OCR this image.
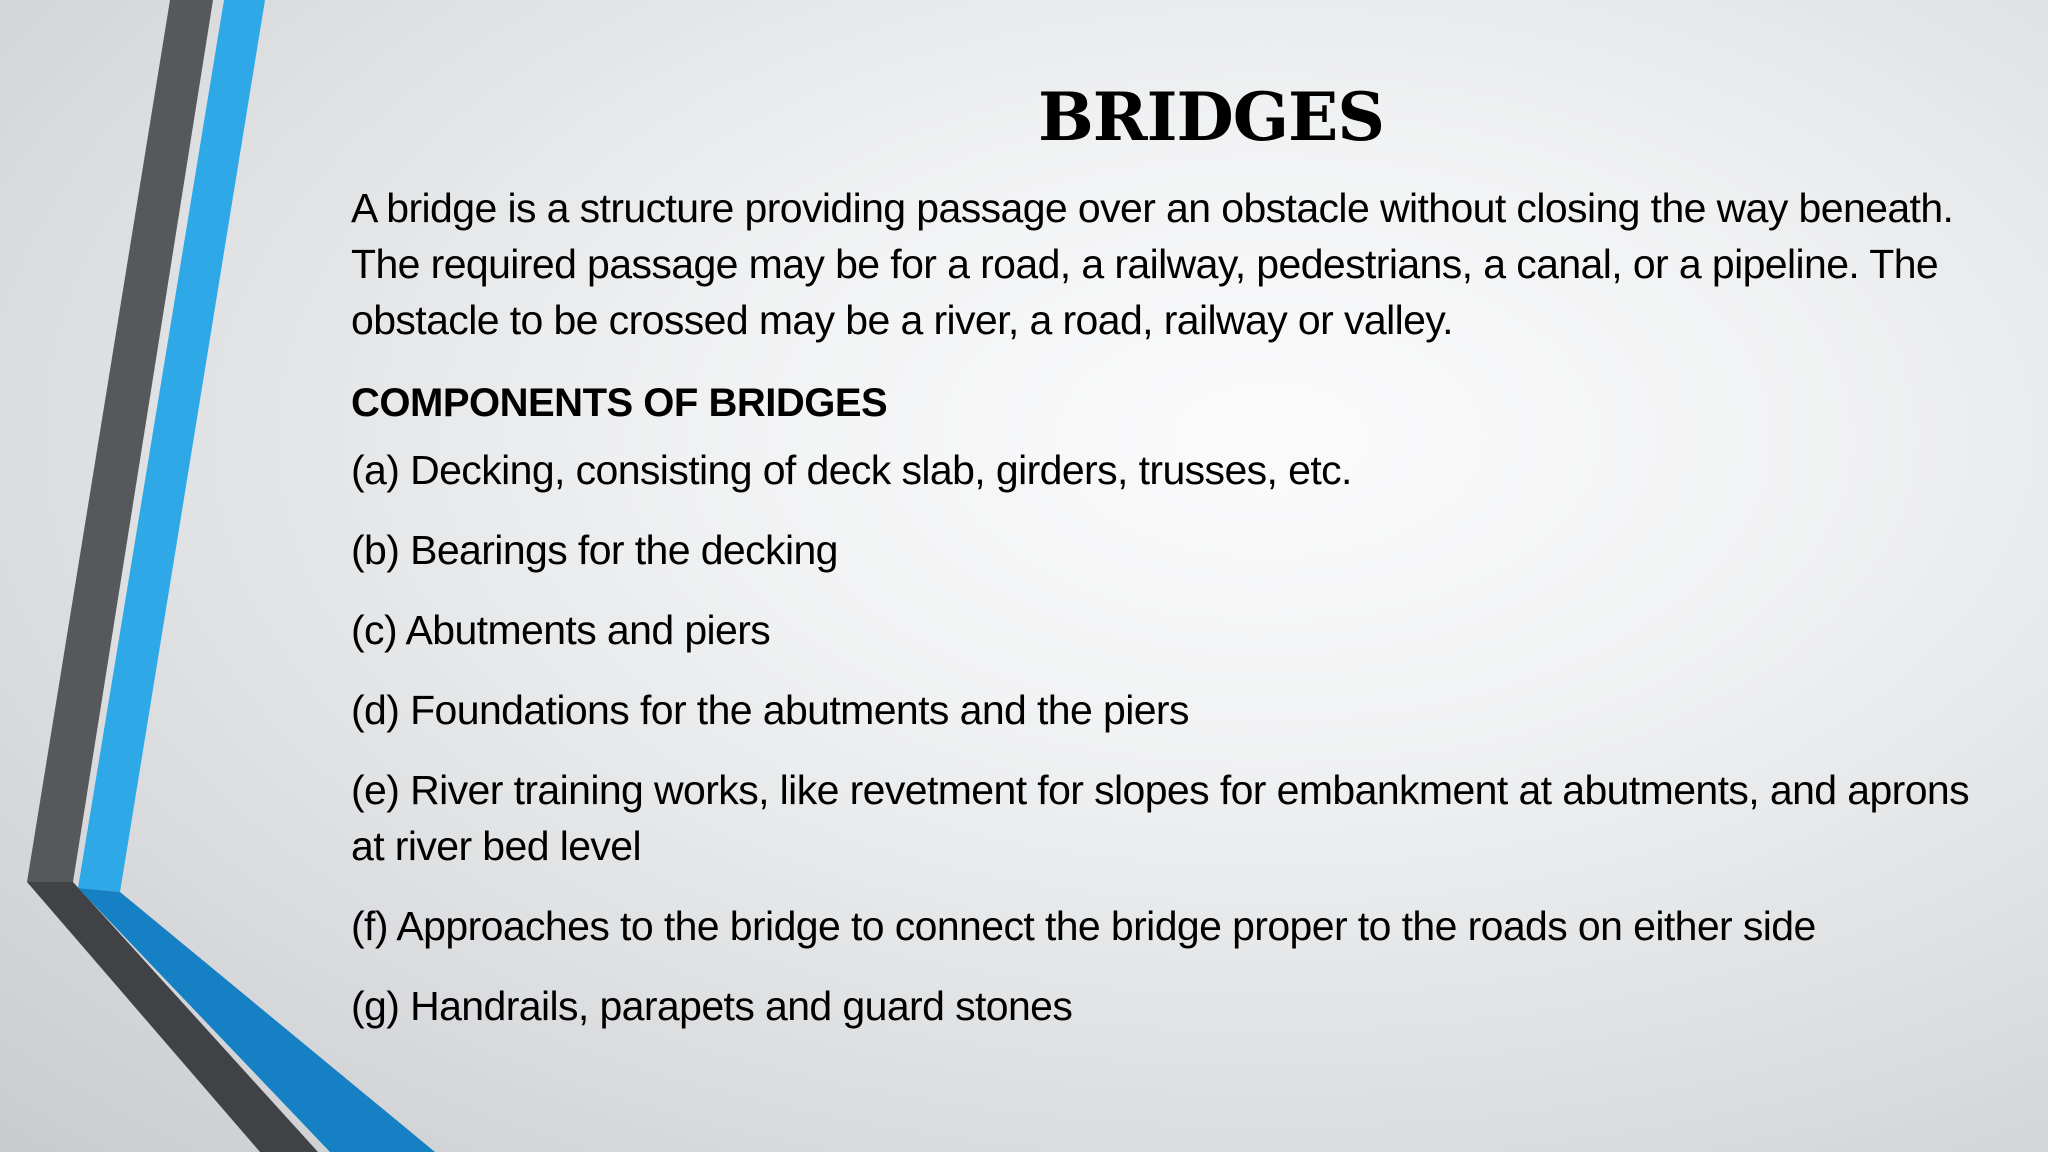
BRIDGES

A bridge is a structure providing passage over an obstacle without closing the way beneath. The required passage may be for a road, a railway, pedestrians, a canal, or a pipeline. The obstacle to be crossed may be a river, a road, railway or valley.

COMPONENTS OF BRIDGES
(a) Decking, consisting of deck slab, girders, trusses, etc.
(b) Bearings for the decking
(c) Abutments and piers
(d) Foundations for the abutments and the piers
(e) River training works, like revetment for slopes for embankment at abutments, and aprons at river bed level
(f) Approaches to the bridge to connect the bridge proper to the roads on either side
(g) Handrails, parapets and guard stones
